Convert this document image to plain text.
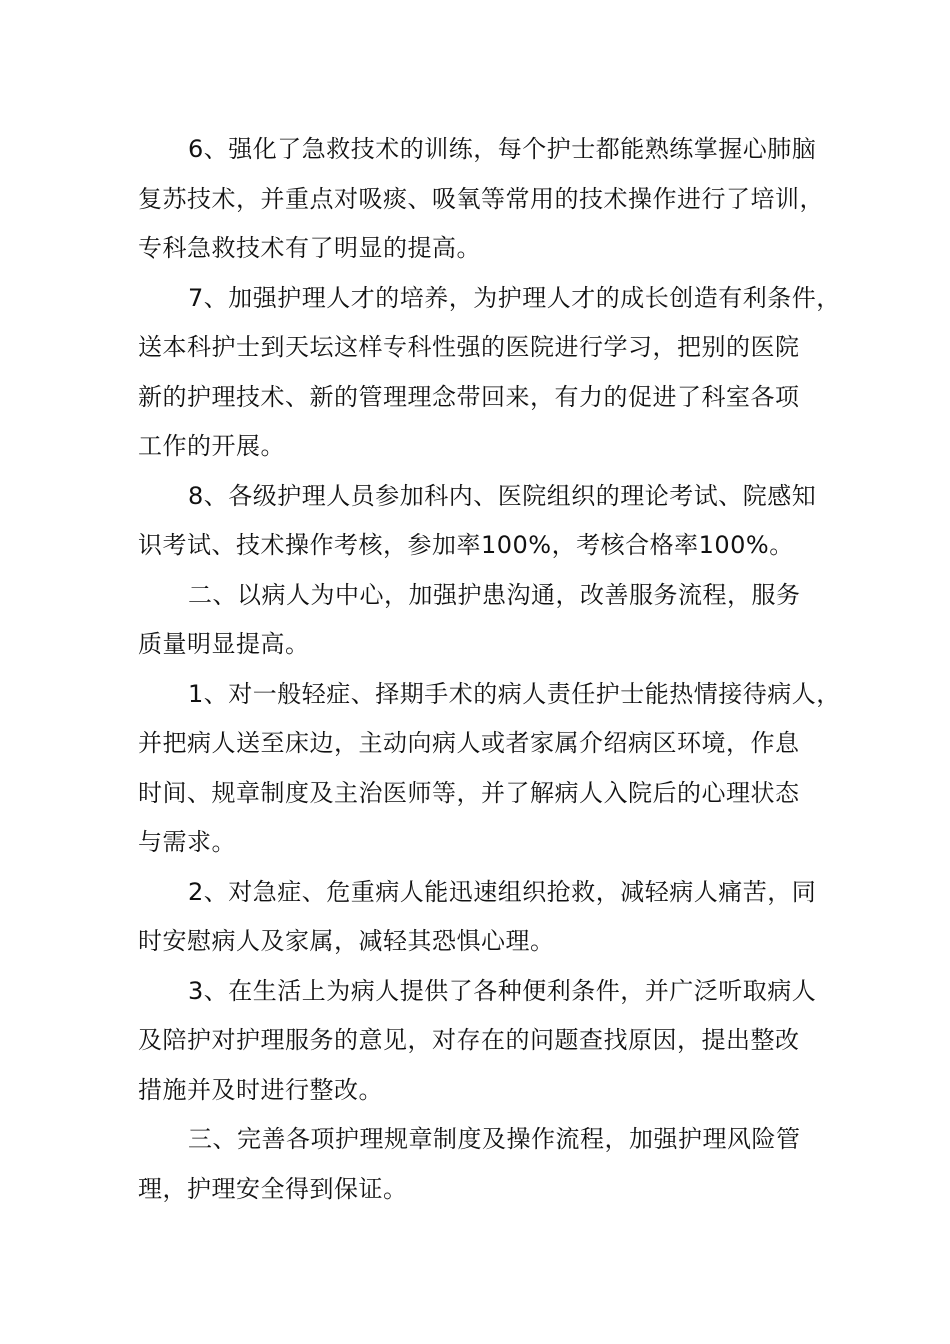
6、强化了急救技术的训练，每个护士都能熟练掌握心肺脑
复苏技术，并重点对吸痰、吸氧等常用的技术操作进行了培训，
专科急救技术有了明显的提高。
7、加强护理人才的培养，为护理人才的成长创造有利条件，
送本科护士到天坛这样专科性强的医院进行学习，把别的医院
新的护理技术、新的管理理念带回来，有力的促进了科室各项
工作的开展。
8、各级护理人员参加科内、医院组织的理论考试、院感知
识考试、技术操作考核，参加率100%，考核合格率100%。
二、以病人为中心，加强护患沟通，改善服务流程，服务
质量明显提高。
1、对一般轻症、择期手术的病人责任护士能热情接待病人，
并把病人送至床边，主动向病人或者家属介绍病区环境，作息
时间、规章制度及主治医师等，并了解病人入院后的心理状态
与需求。
2、对急症、危重病人能迅速组织抢救，减轻病人痛苦，同
时安慰病人及家属，减轻其恐惧心理。
3、在生活上为病人提供了各种便利条件，并广泛听取病人
及陪护对护理服务的意见，对存在的问题查找原因，提出整改
措施并及时进行整改。
三、完善各项护理规章制度及操作流程，加强护理风险管
理，护理安全得到保证。
